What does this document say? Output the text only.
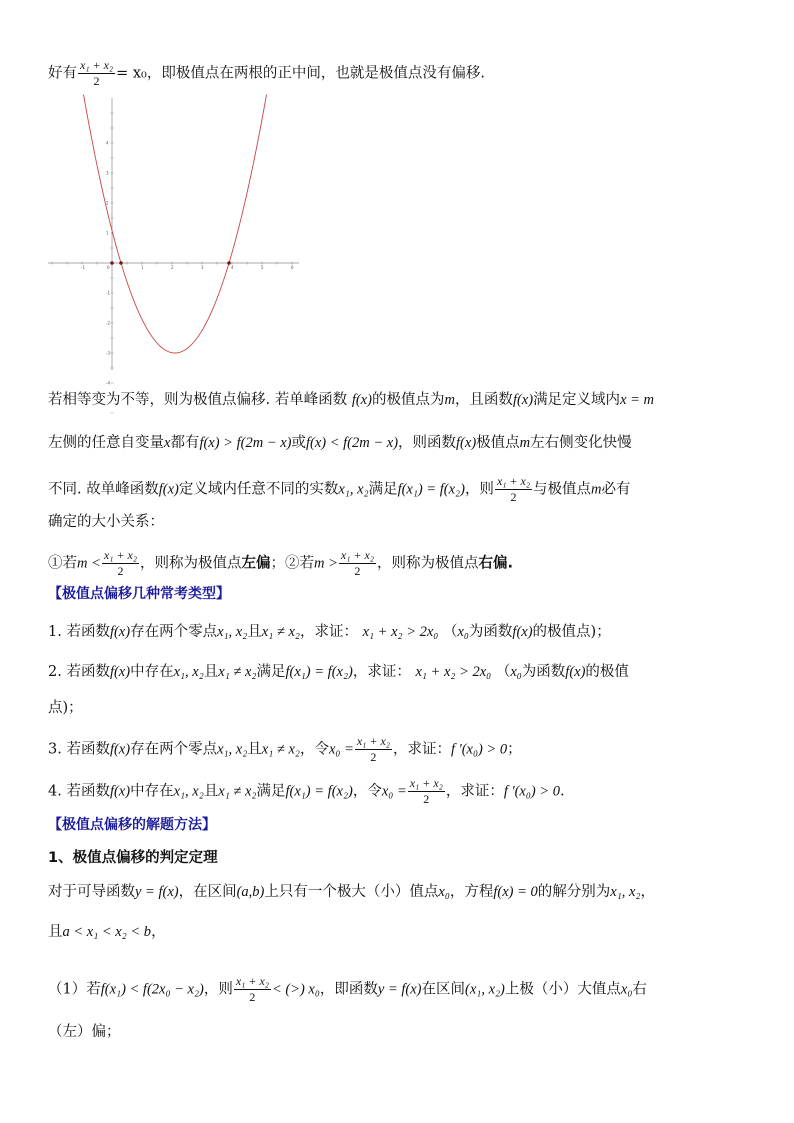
好有 $\frac{\text{x₁ + x₂}}{2} = x_0$，即极值点在两根的正中间，也就是极值点没有偏移.
-1	1	2	3	4	5	6
4
3
2
1
-1
-2
-3
-4
0
若相等变为不等，则为极值点偏移. 若单峰函数 f(x)的极值点为m，且函数f(x)满足定义域内x = m
左侧的任意自变量x都有f(x) > f(2m − x)或f(x) < f(2m − x)，则函数f(x)极值点m左右侧变化快慢
不同. 故单峰函数f(x)定义域内任意不同的实数x₁, x₂满足f(x₁) = f(x₂)，则 $\frac{\text{x₁ + x₂}}{2}$ 与极值点m必有
确定的大小关系：
①若$m < \frac{\text{x₁ + x₂}}{2}$ ，则称为极值点左偏；②若$m > \frac{\text{x₁ + x₂}}{2}$ ，则称为极值点右偏.
【极值点偏移几种常考类型】
1. 若函数f(x)存在两个零点x₁, x₂且x₁ ≠ x₂，求证： x₁ + x₂ > 2x₀ （x₀为函数f(x)的极值点)；
2. 若函数f(x)中存在x₁, x₂且x₁ ≠ x₂满足f(x₁) = f(x₂)，求证： x₁ + x₂ > 2x₀ （x₀为函数f(x)的极值
点)；
3. 若函数f(x)存在两个零点x₁, x₂且x₁ ≠ x₂，令$x_0 = \frac{\text{x₁ + x₂}}{2}$ ，求证：f '(x₀) > 0；
4. 若函数f(x)中存在x₁, x₂且x₁ ≠ x₂满足f(x₁) = f(x₂)，令$x_0 = \frac{\text{x₁ + x₂}}{2}$ ，求证：f '(x₀) > 0.
【极值点偏移的解题方法】
1、极值点偏移的判定定理
对于可导函数y = f(x)，在区间(a,b)上只有一个极大（小）值点x₀，方程f(x) = 0的解分别为x₁, x₂，
且a < x₁ < x₂ < b，
（1）若f(x₁) < f(2x₀ − x₂)，则 $\frac{\text{x₁ + x₂}}{2}$ < (>) x₀，即函数y = f(x)在区间(x₁, x₂)上极（小）大值点x₀右
（左）偏；
